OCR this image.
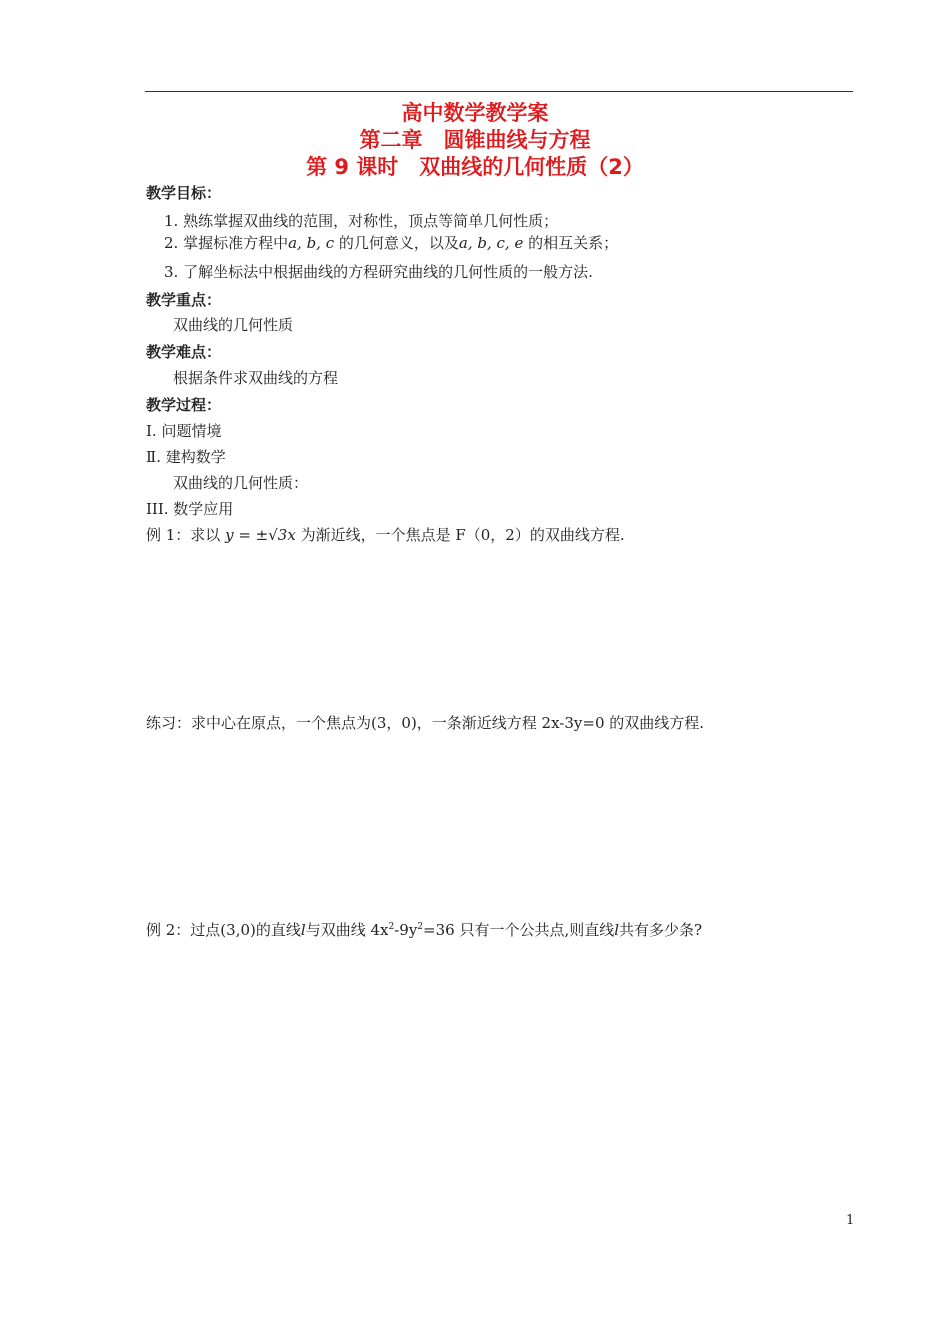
高中数学教学案
第二章　圆锥曲线与方程
第 9 课时　双曲线的几何性质（2）
教学目标：
1. 熟练掌握双曲线的范围，对称性，顶点等简单几何性质；
2. 掌握标准方程中a, b, c 的几何意义，以及a, b, c, e 的相互关系；
3. 了解坐标法中根据曲线的方程研究曲线的几何性质的一般方法.
教学重点：
双曲线的几何性质
教学难点：
根据条件求双曲线的方程
教学过程：
Ⅰ. 问题情境
Ⅱ. 建构数学
双曲线的几何性质：
III. 数学应用
例 1：求以 y = ±√3x 为渐近线，一个焦点是 F（0，2）的双曲线方程.
练习：求中心在原点，一个焦点为(3，0)，一条渐近线方程 2x-3y=0 的双曲线方程.
例 2：过点(3,0)的直线l与双曲线 $4x^2-9y^2=36$ 只有一个公共点,则直线l共有多少条?
1
